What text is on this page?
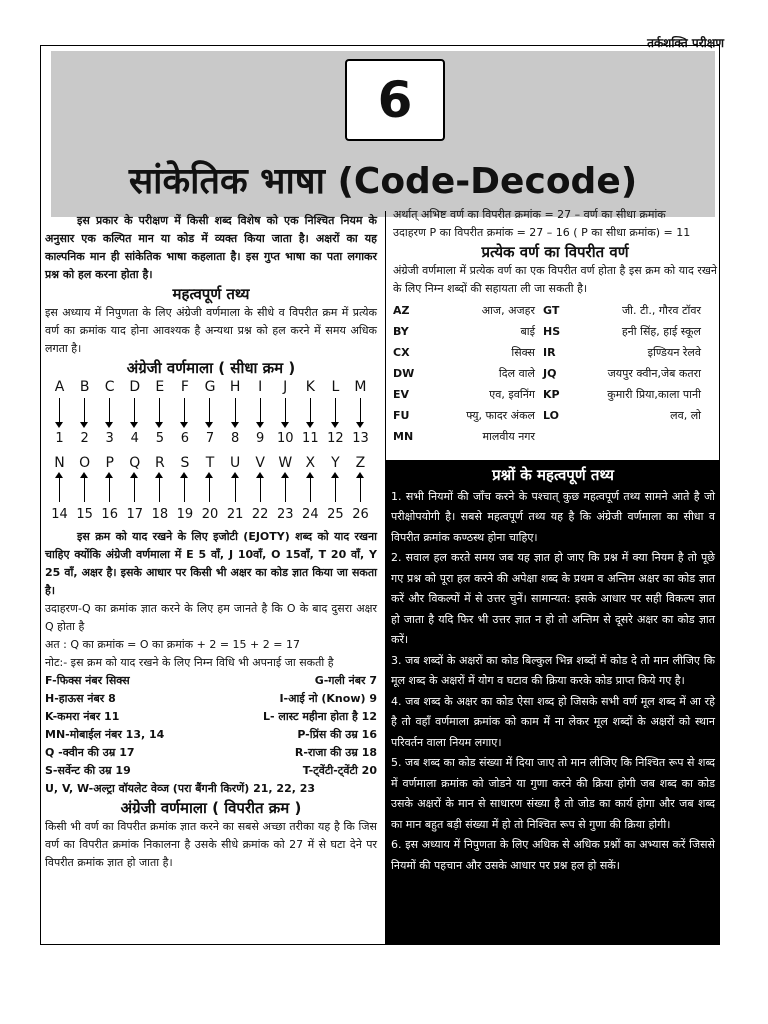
तर्कशक्ति परीक्षण
6
सांकेतिक भाषा (Code-Decode)

इस प्रकार के परीक्षण में किसी शब्द विशेष को एक निश्चित नियम के अनुसार एक कल्पित मान या कोड में व्यक्त किया जाता है। अक्षरों का यह काल्पनिक मान ही सांकेतिक भाषा कहलाता है। इस गुप्त भाषा का पता लगाकर प्रश्न को हल करना होता है।

महत्वपूर्ण तथ्य

इस अध्याय में निपुणता के लिए अंग्रेजी वर्णमाला के सीधे व विपरीत क्रम में प्रत्येक वर्ण का क्रमांक याद होना आवश्यक है अन्यथा प्रश्न को हल करने में समय अधिक लगता है।

अंग्रेजी वर्णमाला ( सीधा क्रम )

A	B	C	D	E	F	G	H	I	J	K	L	M
1	2	3	4	5	6	7	8	9 10 11 12 13
N	O	P	Q	R	S	T	U	V W X	Y	Z
14 15 16 17 18 19 20 21 22 23 24 25 26

इस क्रम को याद रखने के लिए इजोटी (EJOTY) शब्द को याद रखना चाहिए क्योंकि अंग्रेजी वर्णमाला में E 5 वाँ, J 10वाँ, O 15वाँ, T 20 वाँ, Y 25 वाँ, अक्षर है। इसके आधार पर किसी भी अक्षर का कोड ज्ञात किया जा सकता है।

उदाहरण-Q का क्रमांक ज्ञात करने के लिए हम जानते है कि O के बाद दुसरा अक्षर Q होता है

अत : Q का क्रमांक = O का क्रमांक + 2 = 15 + 2 = 17

नोट:- इस क्रम को याद रखने के लिए निम्न विधि भी अपनाई जा सकती है

F-फिक्स नंबर सिक्स	G-गली नंबर 7
H-हाऊस नंबर 8	I-आई नो (Know) 9
K-कमरा नंबर 11	L- लास्ट महीना होता है 12
MN-मोबाईल नंबर 13, 14	P-प्रिंस की उम्र 16
Q -क्वीन की उम्र 17	R-राजा की उम्र 18
S-सर्वेन्ट की उम्र 19	T-ट्वेंटी-ट्वेंटी 20

U, V, W-अल्ट्रा वॉयलेट वेव्ज (परा बैंगनी किरणें) 21, 22, 23

अंग्रेजी वर्णमाला ( विपरीत क्रम )

किसी भी वर्ण का विपरीत क्रमांक ज्ञात करने का सबसे अच्छा तरीका यह है कि जिस वर्ण का विपरीत क्रमांक निकालना है उसके सीधे क्रमांक को 27 में से घटा देने पर विपरीत क्रमांक ज्ञात हो जाता है।

अर्थात् अभिष्ट वर्ण का विपरीत क्रमांक = 27 – वर्ण का सीधा क्रमांक

उदाहरण P का विपरीत क्रमांक = 27 – 16 ( P का सीधा क्रमांक) = 11

प्रत्येक वर्ण का विपरीत वर्ण

अंग्रेजी वर्णमाला में प्रत्येक वर्ण का एक विपरीत वर्ण होता है इस क्रम को याद रखने के लिए निम्न शब्दों की सहायता ली जा सकती है।

AZ	आज, अजहर GT	जी. टी., गौरव टॉवर
BY	बाई HS	हनी सिंह, हाई स्कूल
CX	सिक्स IR	इण्डियन रेलवे
DW	दिल वाले JQ	जयपुर क्वीन,जेब कतरा
EV	एव, इवनिंग KP	कुमारी प्रिया,काला पानी
FU	फ्यु, फादर अंकल LO	लव, लो
MN	मालवीय नगर

प्रश्नों के महत्वपूर्ण तथ्य

1. सभी नियमों की जाँच करने के पश्चात् कुछ महत्वपूर्ण तथ्य सामने आते है जो परीक्षोपयोगी है। सबसे महत्वपूर्ण तथ्य यह है कि अंग्रेजी वर्णमाला का सीधा व विपरीत क्रमांक कण्ठस्थ होना चाहिए।

2. सवाल हल करते समय जब यह ज्ञात हो जाए कि प्रश्न में क्या नियम है तो पूछे गए प्रश्न को पूरा हल करने की अपेक्षा शब्द के प्रथम व अन्तिम अक्षर का कोड ज्ञात करें और विकल्पों में से उत्तर चुनें। सामान्यत: इसके आधार पर सही विकल्प ज्ञात हो जाता है यदि फिर भी उत्तर ज्ञात न हो तो अन्तिम से दूसरे अक्षर का कोड ज्ञात करें।

3. जब शब्दों के अक्षरों का कोड बिल्कुल भिन्न शब्दों में कोड दे तो मान लीजिए कि मूल शब्द के अक्षरों में योग व घटाव की क्रिया करके कोड प्राप्त किये गए है।

4. जब शब्द के अक्षर का कोड ऐसा शब्द हो जिसके सभी वर्ण मूल शब्द में आ रहे है तो वहाँ वर्णमाला क्रमांक को काम में ना लेकर मूल शब्दों के अक्षरों को स्थान परिवर्तन वाला नियम लगाए।

5. जब शब्द का कोड संख्या में दिया जाए तो मान लीजिए कि निश्चित रूप से शब्द में वर्णमाला क्रमांक को जोडने या गुणा करने की क्रिया होगी जब शब्द का कोड उसके अक्षरों के मान से साधारण संख्या है तो जोड का कार्य होगा और जब शब्द का मान बहुत बड़ी संख्या में हो तो निश्चित रूप से गुणा की क्रिया होगी।

6. इस अध्याय में निपुणता के लिए अधिक से अधिक प्रश्नों का अभ्यास करें जिससे नियमों की पहचान और उसके आधार पर प्रश्न हल हो सकें।
